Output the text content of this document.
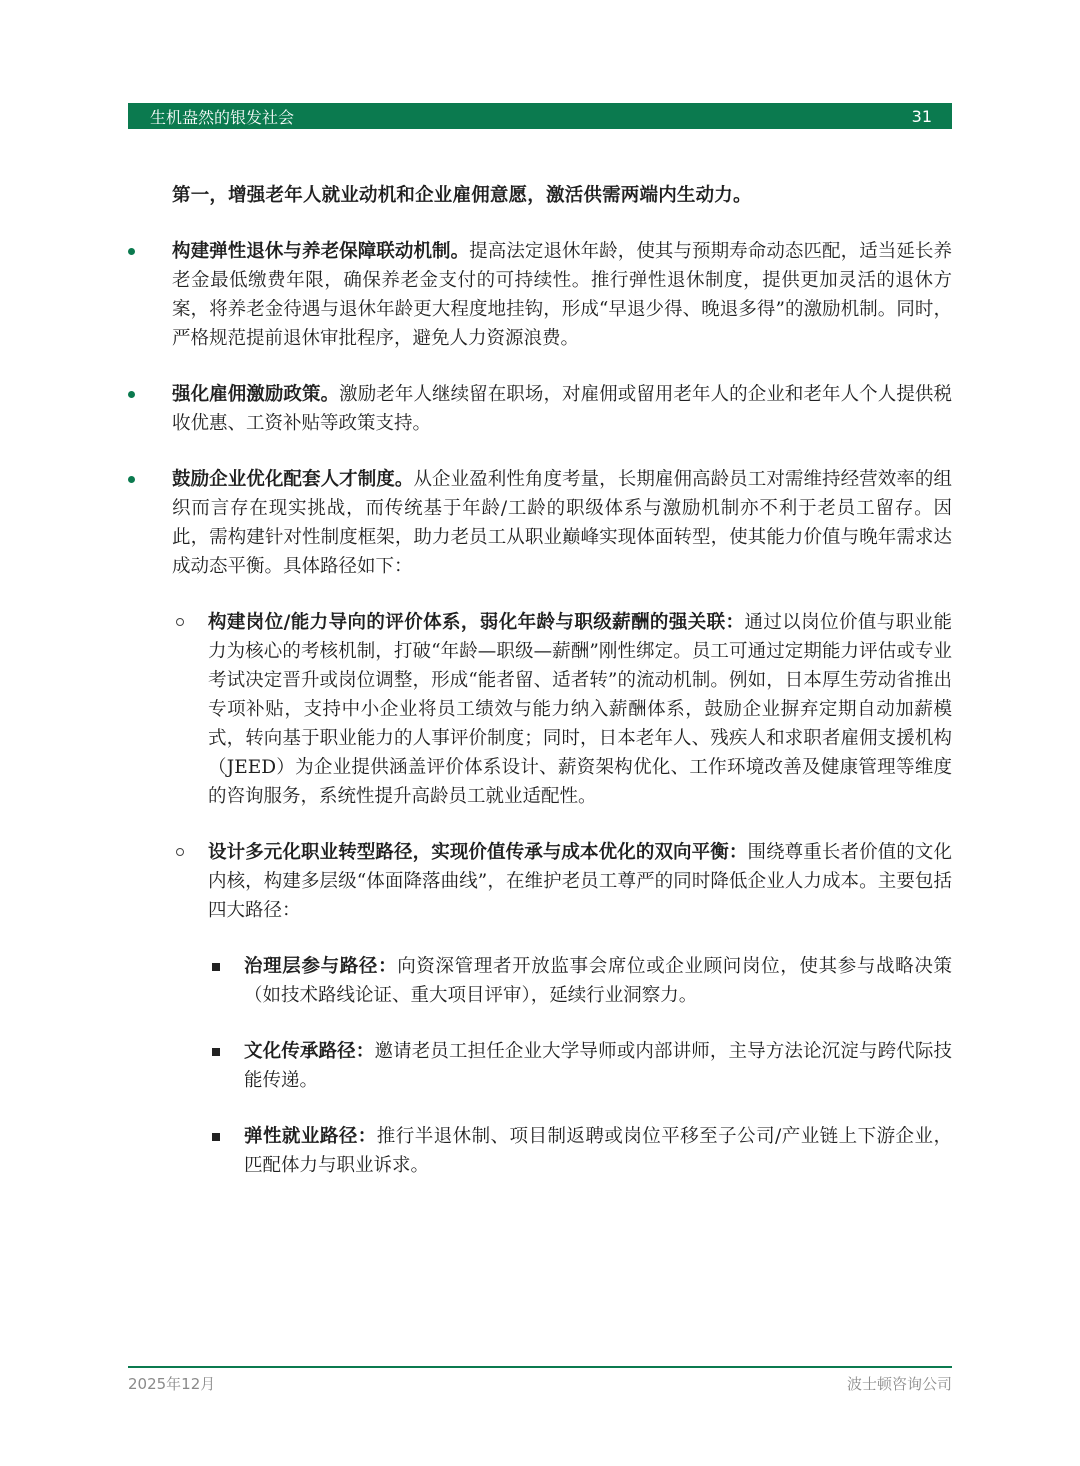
生机盎然的银发社会	31
第一，增强老年人就业动机和企业雇佣意愿，激活供需两端内生动力。
构建弹性退休与养老保障联动机制。提高法定退休年龄，使其与预期寿命动态匹配，适当延长养老金最低缴费年限，确保养老金支付的可持续性。推行弹性退休制度，提供更加灵活的退休方案，将养老金待遇与退休年龄更大程度地挂钩，形成“早退少得、晚退多得”的激励机制。同时，严格规范提前退休审批程序，避免人力资源浪费。
强化雇佣激励政策。激励老年人继续留在职场，对雇佣或留用老年人的企业和老年人个人提供税收优惠、工资补贴等政策支持。
鼓励企业优化配套人才制度。从企业盈利性角度考量，长期雇佣高龄员工对需维持经营效率的组织而言存在现实挑战，而传统基于年龄/工龄的职级体系与激励机制亦不利于老员工留存。因此，需构建针对性制度框架，助力老员工从职业巅峰实现体面转型，使其能力价值与晚年需求达成动态平衡。具体路径如下：
构建岗位/能力导向的评价体系，弱化年龄与职级薪酬的强关联：通过以岗位价值与职业能力为核心的考核机制，打破“年龄—职级—薪酬”刚性绑定。员工可通过定期能力评估或专业考试决定晋升或岗位调整，形成“能者留、适者转”的流动机制。例如，日本厚生劳动省推出专项补贴，支持中小企业将员工绩效与能力纳入薪酬体系，鼓励企业摒弃定期自动加薪模式，转向基于职业能力的人事评价制度；同时，日本老年人、残疾人和求职者雇佣支援机构（JEED）为企业提供涵盖评价体系设计、薪资架构优化、工作环境改善及健康管理等维度的咨询服务，系统性提升高龄员工就业适配性。
设计多元化职业转型路径，实现价值传承与成本优化的双向平衡：围绕尊重长者价值的文化内核，构建多层级“体面降落曲线”，在维护老员工尊严的同时降低企业人力成本。主要包括四大路径：
治理层参与路径：向资深管理者开放监事会席位或企业顾问岗位，使其参与战略决策（如技术路线论证、重大项目评审），延续行业洞察力。
文化传承路径：邀请老员工担任企业大学导师或内部讲师，主导方法论沉淀与跨代际技能传递。
弹性就业路径：推行半退休制、项目制返聘或岗位平移至子公司/产业链上下游企业，匹配体力与职业诉求。
2025年12月	波士顿咨询公司
